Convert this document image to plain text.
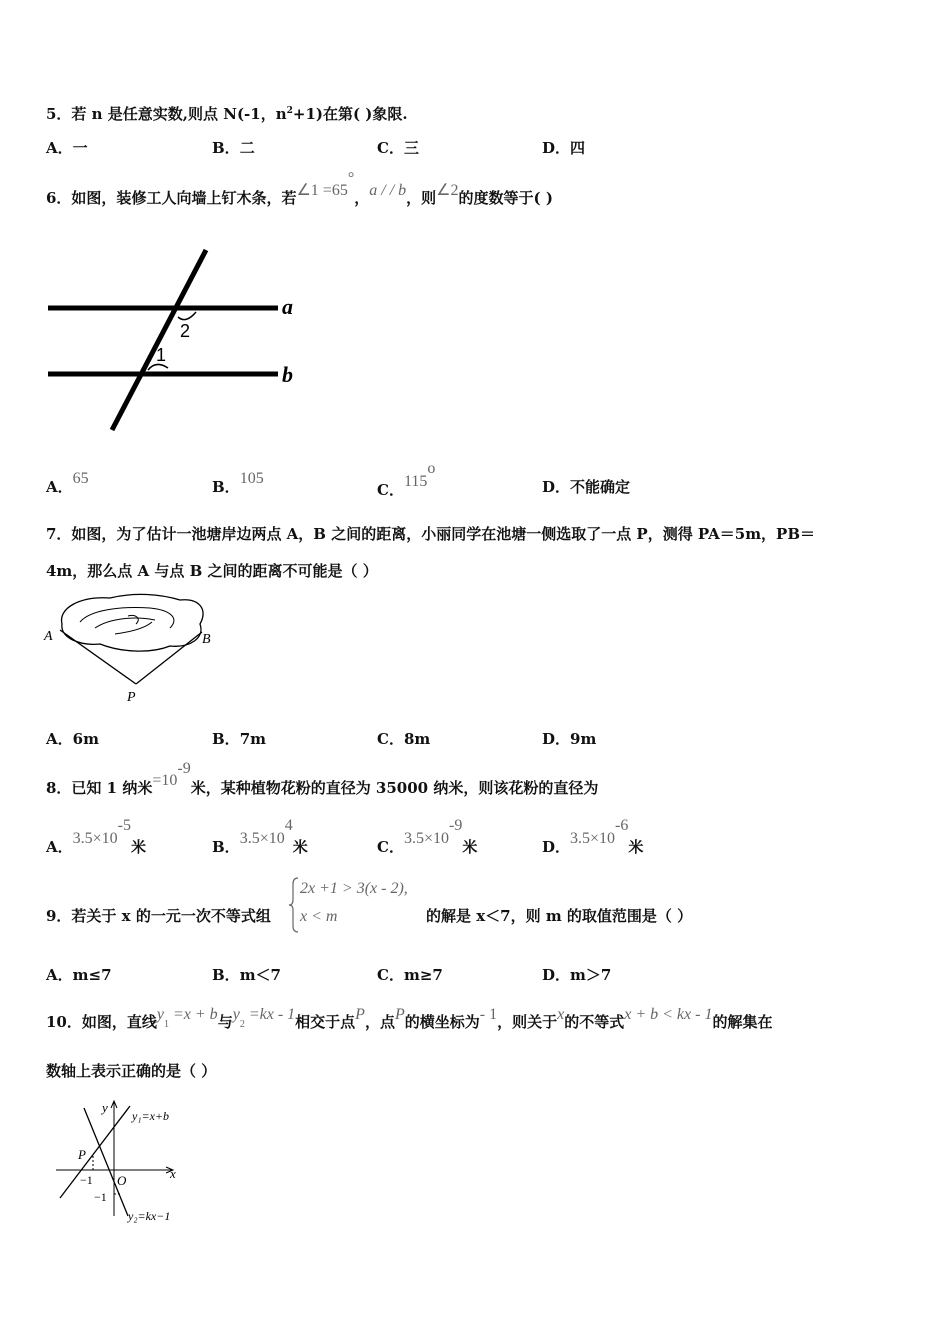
5．若 n 是任意实数,则点 N(-1，$n^2+1$)在第( )象限.
A．一	B．二	C．三	D．四
6．如图，装修工人向墙上钉木条，若∠1 =65°，a / / b，则∠2的度数等于( )
2
1
a
b
A．65	B．105
C．115$^o$
D．不能确定
7．如图，为了估计一池塘岸边两点 A，B 之间的距离，小丽同学在池塘一侧选取了一点 P，测得 PA＝5m，PB＝
4m，那么点 A 与点 B 之间的距离不可能是（ ）
A	B
P
A．6m	B．7m	C．8m	D．9m
8．已知 1 纳米$=10^{-9}$米，某种植物花粉的直径为 35000 纳米，则该花粉的直径为
A．$3.5\times 10^{-5}$米	B．$3.5\times 10^4$米	C．$3.5\times 10^{-9}$米	D．$3.5\times 10^{-6}$米
9．若关于 x 的一元一次不等式组
2x +1 > 3(x - 2),
x < m	的解是 x＜7，则 m 的取值范围是（ ）
A．m≤7	B．m＜7	C．m≥7	D．m＞7
10．如图，直线$y_1 =x + b$与$y_2 =kx - 1$相交于点P，点P的横坐标为- 1，则关于x的不等式x + b < kx - 1的解集在
数轴上表示正确的是（ ）
y
x
O
P
−1
−1
y₁=x+b
y₂=kx−1
